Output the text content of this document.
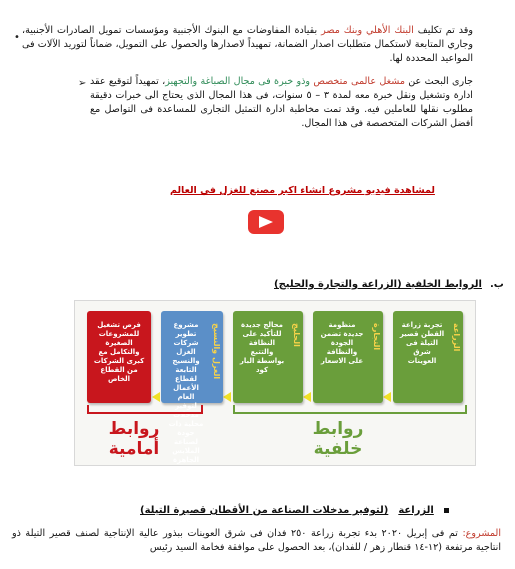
•

وقد تم تكليف البنك الأهلي وبنك مصر بقيادة المفاوضات مع البنوك الأجنبية ومؤسسات تمويل الصادرات الأجنبية، وجاري المتابعة لاستكمال متطلبات اصدار الضمانة، تمهيداً لاصدارها والحصول على التمويل، ضماناً لتوريد الآلات فى المواعيد المحددة لها.

➢	جارى البحث عن مشغل عالمى متخصص وذو خبرة فى مجال الصباغة والتجهيز، تمهيداً لتوقيع عقد ادارة وتشغيل ونقل خبرة معه لمدة ٣ – ٥ سنوات، فى هذا المجال الذى يحتاج الى خبرات دقيقة مطلوب نقلها للعاملين فيه. وقد تمت مخاطبة ادارة التمثيل التجارى للمساعدة فى التواصل مع أفضل الشركات المتخصصة فى هذا المجال.

لمشاهدة فيديو مشروع انشاء اكبر مصنع للغزل في العالم
ب.الروابط الخلفية (الزراعة والتجارة والحليج)
الزراعة
تجربة زراعة القطن قصير التيلة فى شرق العوينات
التجارة
منظومة جديدة تضمن الجودة والنظافة على الاسعار
الحليج
محالج جديدة للتأكيد على النظافة والتتبع بواسطة البار كود
الغزل والنسيج
مشروع تطوير شركات الغزل والنسيج التابعة لقطاع الأعمال العام لتوفير مدخلات محلية ذات جودة لصناعة الملابس الجاهزة
فرص تشغيل للمشروعات الصغيرة والتكامل مع كبرى الشركات من القطاع الخاص
روابط خلفية
روابط أمامية
الزراعة(لتوفير مدخلات الصناعة من الأقطان قصيرة التيلة)

المشروع: تم فى إبريل ٢٠٢٠ بدء تجربة زراعة ٢٥٠ فدان فى شرق العوينات ببذور عالية الإنتاجية لصنف قصير التيلة ذو انتاجية مرتفعة (١٢-١٤ قنطار زهر / للفدان)، بعد الحصول على موافقة فخامة السيد رئيس
